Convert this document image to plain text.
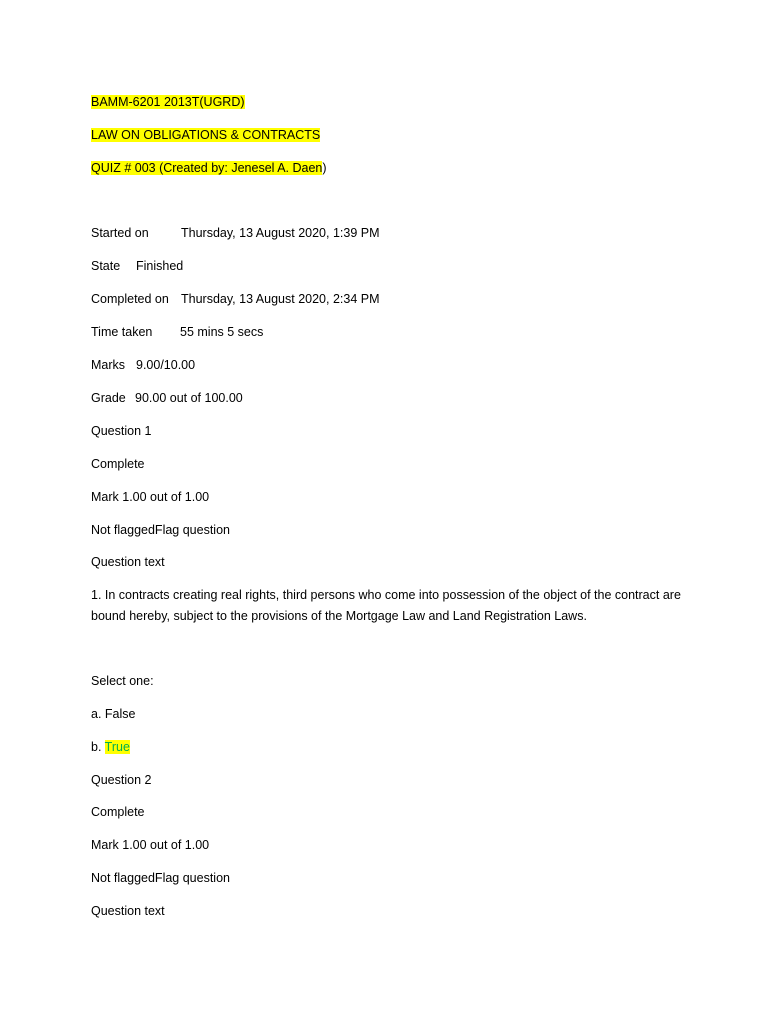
BAMM-6201 2013T(UGRD)
LAW ON OBLIGATIONS & CONTRACTS
QUIZ # 003 (Created by: Jenesel A. Daen)
Started on	Thursday, 13 August 2020, 1:39 PM
State Finished
Completed on Thursday, 13 August 2020, 2:34 PM
Time taken 55 mins 5 secs
Marks 9.00/10.00
Grade 90.00 out of 100.00
Question 1
Complete
Mark 1.00 out of 1.00
Not flaggedFlag question
Question text
1. In contracts creating real rights, third persons who come into possession of the object of the contract are bound hereby, subject to the provisions of the Mortgage Law and Land Registration Laws.
Select one:
a. False
b. True
Question 2
Complete
Mark 1.00 out of 1.00
Not flaggedFlag question
Question text
